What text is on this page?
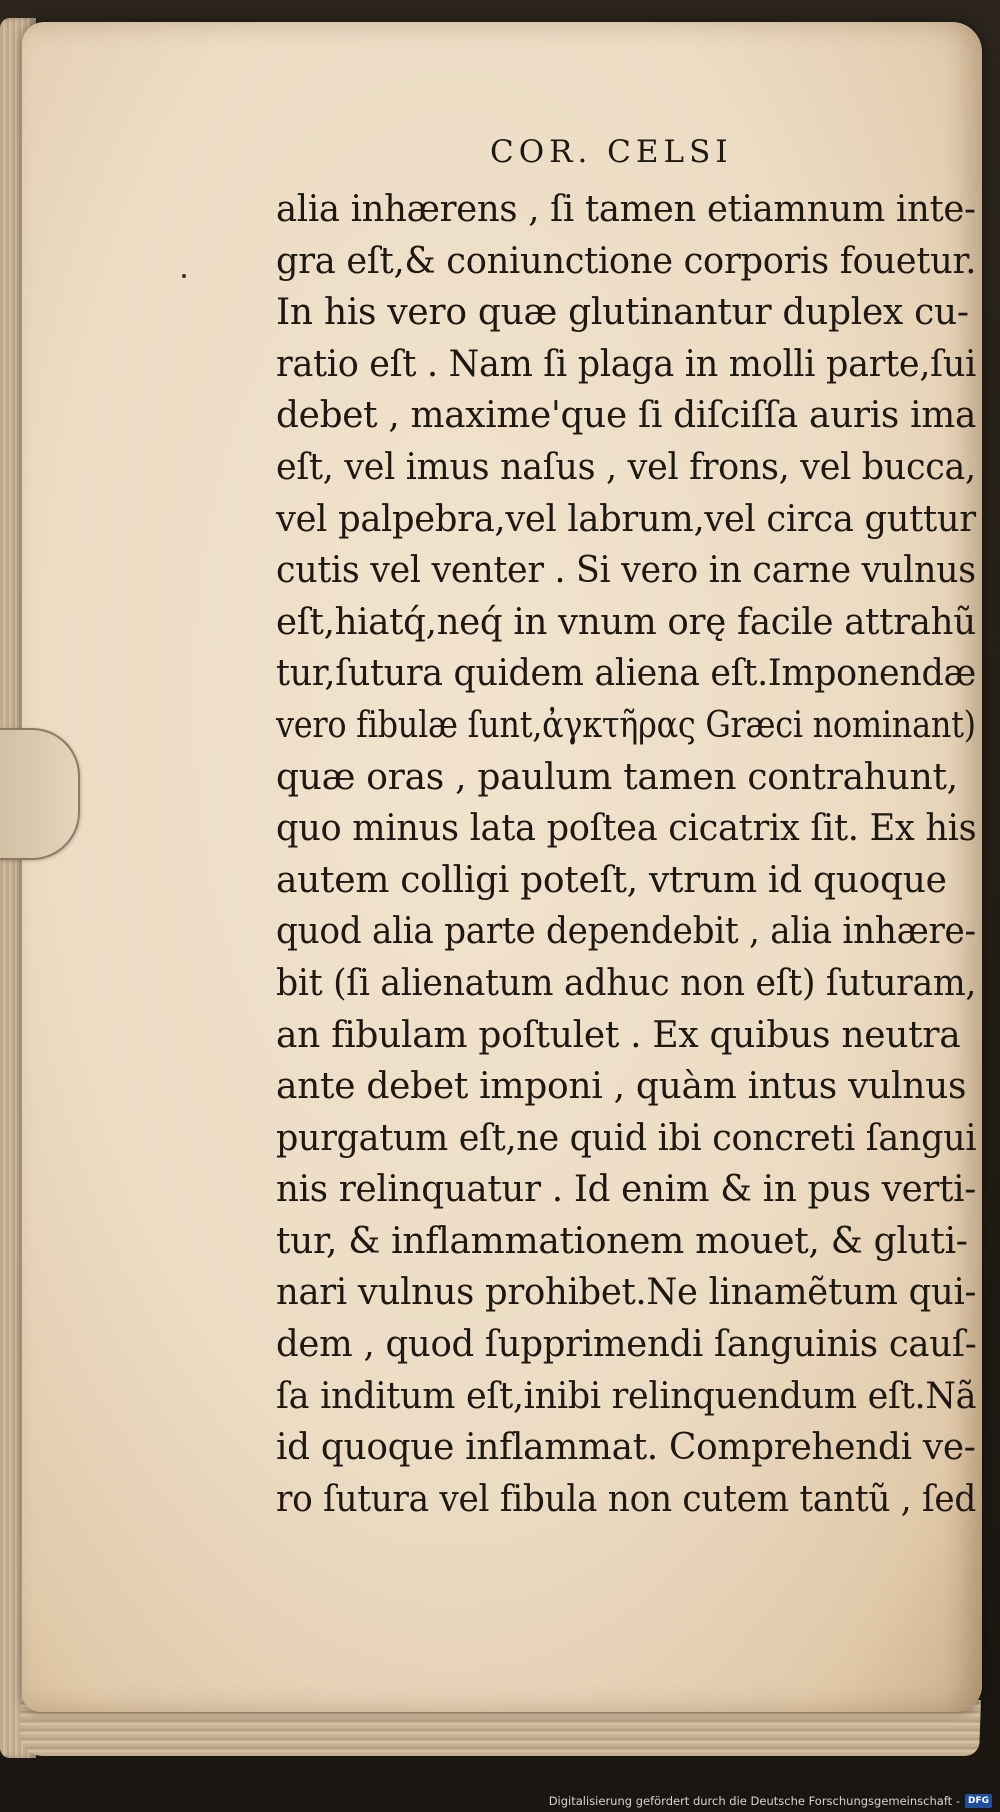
COR. CELSI
alia inhærens , ſi tamen etiamnum inte-
gra eſt,& coniunctione corporis fouetur.
In his vero quæ glutinantur duplex cu-
ratio eſt . Nam ſi plaga in molli parte,ſui
debet , maxime'que ſi diſciſſa auris ima
eſt, vel imus naſus , vel frons, vel bucca,
vel palpebra,vel labrum,vel circa guttur
cutis vel venter . Si vero in carne vulnus
eſt,hiatq́,neq́ in vnum orę facile attrahũ
tur,ſutura quidem aliena eſt.Imponendæ
vero fibulæ ſunt,ἀγκτῆρας Græci nominant)
quæ oras , paulum tamen contrahunt,
quo minus lata poſtea cicatrix ſit. Ex his
autem colligi poteſt, vtrum id quoque
quod alia parte dependebit , alia inhære-
bit (ſi alienatum adhuc non eſt) ſuturam,
an fibulam poſtulet . Ex quibus neutra
ante debet imponi , quàm intus vulnus
purgatum eſt,ne quid ibi concreti ſangui
nis relinquatur . Id enim & in pus verti-
tur, & inflammationem mouet, & gluti-
nari vulnus prohibet.Ne linamẽtum qui-
dem , quod ſupprimendi ſanguinis cauſ-
ſa inditum eſt,inibi relinquendum eſt.Nã
id quoque inflammat. Comprehendi ve-
ro ſutura vel fibula non cutem tantũ , ſed
Digitalisierung gefördert durch die Deutsche Forschungsgemeinschaft - DFG
